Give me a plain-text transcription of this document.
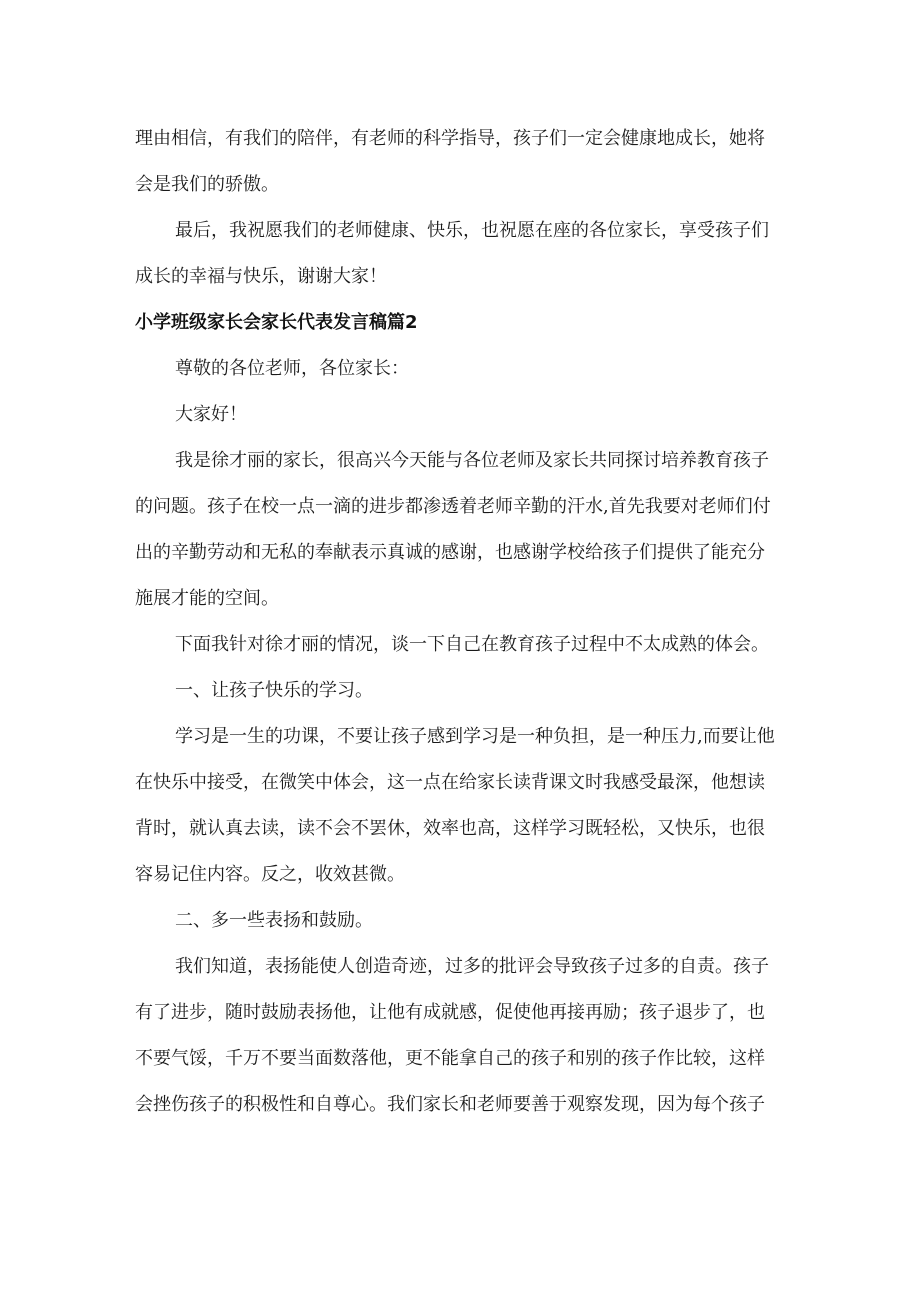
理由相信，有我们的陪伴，有老师的科学指导，孩子们一定会健康地成长，她将
会是我们的骄傲。

最后，我祝愿我们的老师健康、快乐，也祝愿在座的各位家长，享受孩子们
成长的幸福与快乐，谢谢大家！

小学班级家长会家长代表发言稿篇2

尊敬的各位老师，各位家长：

大家好！

我是徐才丽的家长，很高兴今天能与各位老师及家长共同探讨培养教育孩子
的问题。孩子在校一点一滴的进步都渗透着老师辛勤的汗水,首先我要对老师们付
出的辛勤劳动和无私的奉献表示真诚的感谢，也感谢学校给孩子们提供了能充分
施展才能的空间。

下面我针对徐才丽的情况，谈一下自己在教育孩子过程中不太成熟的体会。

一、让孩子快乐的学习。

学习是一生的功课，不要让孩子感到学习是一种负担，是一种压力,而要让他
在快乐中接受，在微笑中体会，这一点在给家长读背课文时我感受最深，他想读
背时，就认真去读，读不会不罢休，效率也高，这样学习既轻松，又快乐，也很
容易记住内容。反之，收效甚微。

二、多一些表扬和鼓励。

我们知道，表扬能使人创造奇迹，过多的批评会导致孩子过多的自责。孩子
有了进步，随时鼓励表扬他，让他有成就感，促使他再接再励；孩子退步了，也
不要气馁，千万不要当面数落他，更不能拿自己的孩子和别的孩子作比较，这样
会挫伤孩子的积极性和自尊心。我们家长和老师要善于观察发现，因为每个孩子
